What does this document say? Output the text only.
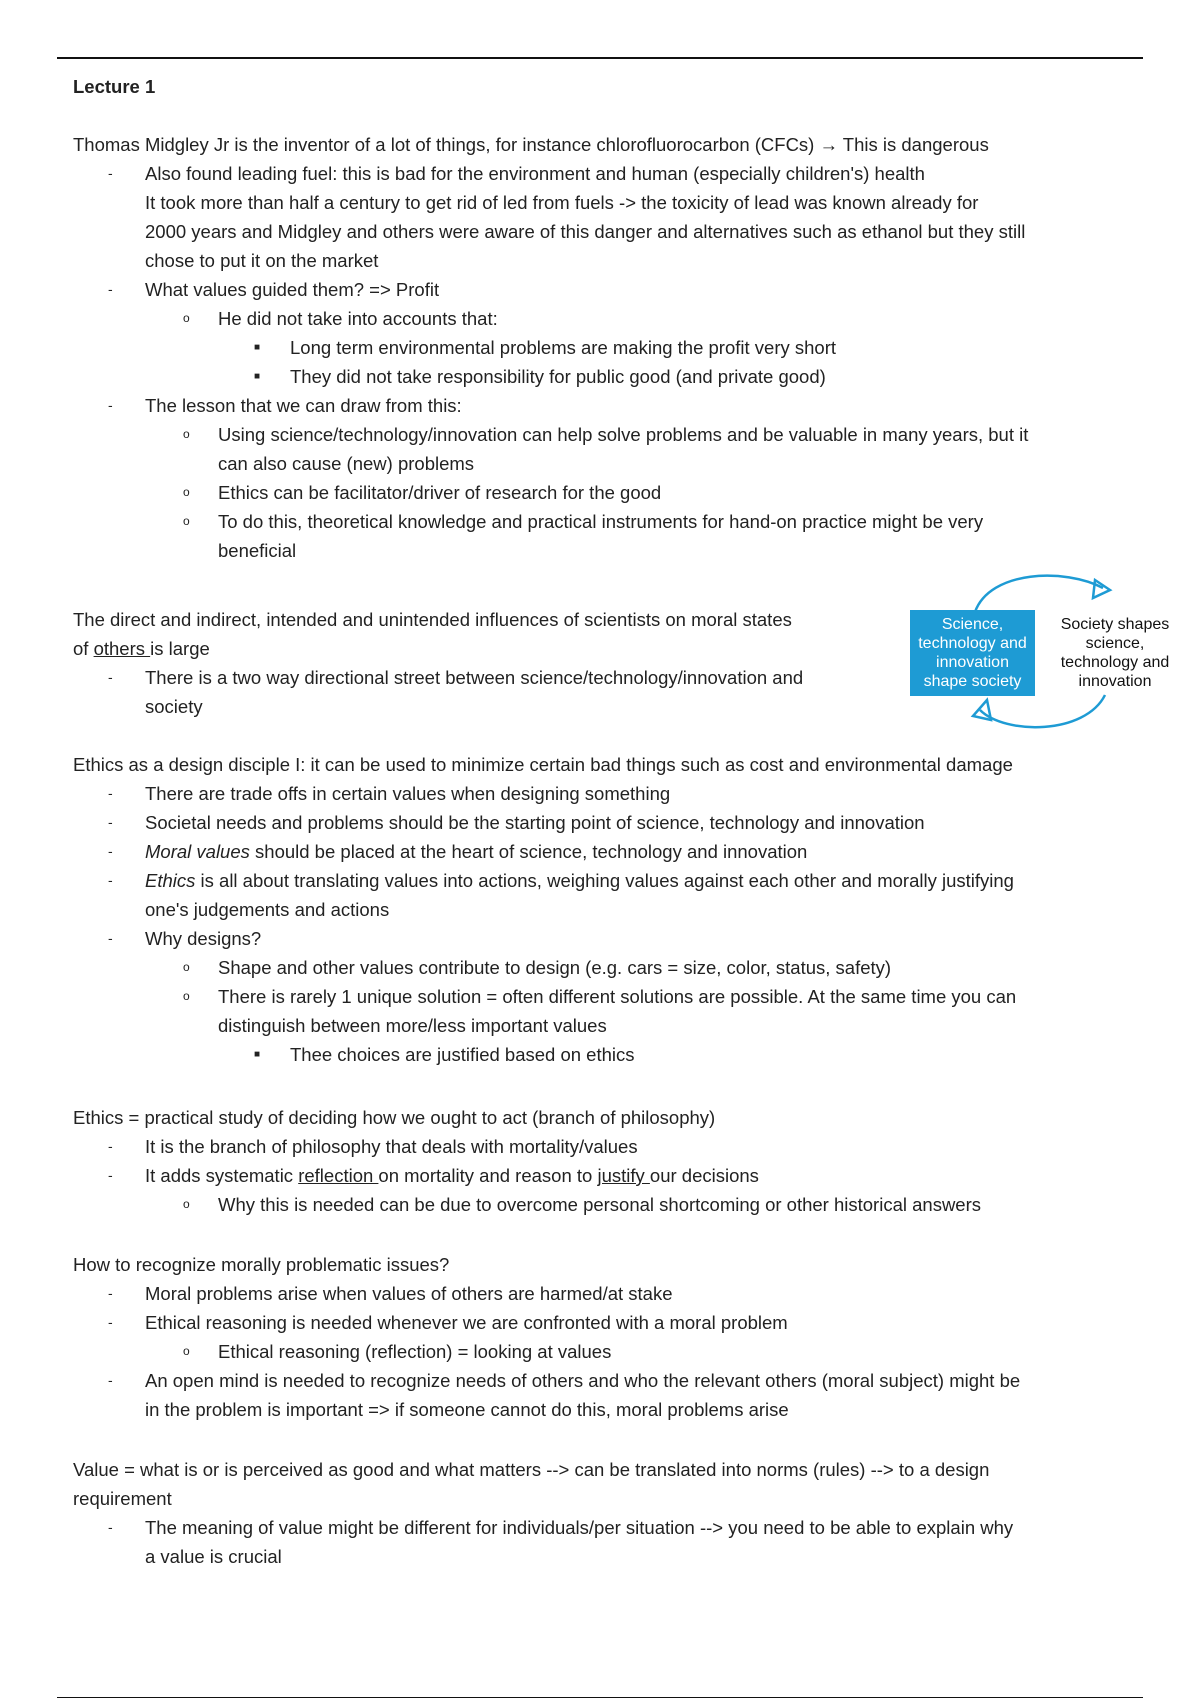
Lecture 1
Thomas Midgley Jr is the inventor of a lot of things, for instance chlorofluorocarbon (CFCs) → This is dangerous
- Also found leading fuel: this is bad for the environment and human (especially children's) health
It took more than half a century to get rid of led from fuels -> the toxicity of lead was known already for
2000 years and Midgley and others were aware of this danger and alternatives such as ethanol but they still
chose to put it on the market
- What values guided them? => Profit
o He did not take into accounts that:
■ Long term environmental problems are making the profit very short
■ They did not take responsibility for public good (and private good)
- The lesson that we can draw from this:
o Using science/technology/innovation can help solve problems and be valuable in many years, but it
can also cause (new) problems
o Ethics can be facilitator/driver of research for the good
o To do this, theoretical knowledge and practical instruments for hand-on practice might be very
beneficial
The direct and indirect, intended and unintended influences of scientists on moral states
of others is large
- There is a two way directional street between science/technology/innovation and
society
Science,
technology and
innovation
shape society
Society shapes
science,
technology and
innovation
Ethics as a design disciple I: it can be used to minimize certain bad things such as cost and environmental damage
- There are trade offs in certain values when designing something
- Societal needs and problems should be the starting point of science, technology and innovation
- Moral values should be placed at the heart of science, technology and innovation
- Ethics is all about translating values into actions, weighing values against each other and morally justifying
one's judgements and actions
- Why designs?
o Shape and other values contribute to design (e.g. cars = size, color, status, safety)
o There is rarely 1 unique solution = often different solutions are possible. At the same time you can
distinguish between more/less important values
■ Thee choices are justified based on ethics
Ethics = practical study of deciding how we ought to act (branch of philosophy)
- It is the branch of philosophy that deals with mortality/values
- It adds systematic reflection on mortality and reason to justify our decisions
o Why this is needed can be due to overcome personal shortcoming or other historical answers
How to recognize morally problematic issues?
- Moral problems arise when values of others are harmed/at stake
- Ethical reasoning is needed whenever we are confronted with a moral problem
o Ethical reasoning (reflection) = looking at values
- An open mind is needed to recognize needs of others and who the relevant others (moral subject) might be
in the problem is important => if someone cannot do this, moral problems arise
Value = what is or is perceived as good and what matters --> can be translated into norms (rules) --> to a design
requirement
- The meaning of value might be different for individuals/per situation --> you need to be able to explain why
a value is crucial
